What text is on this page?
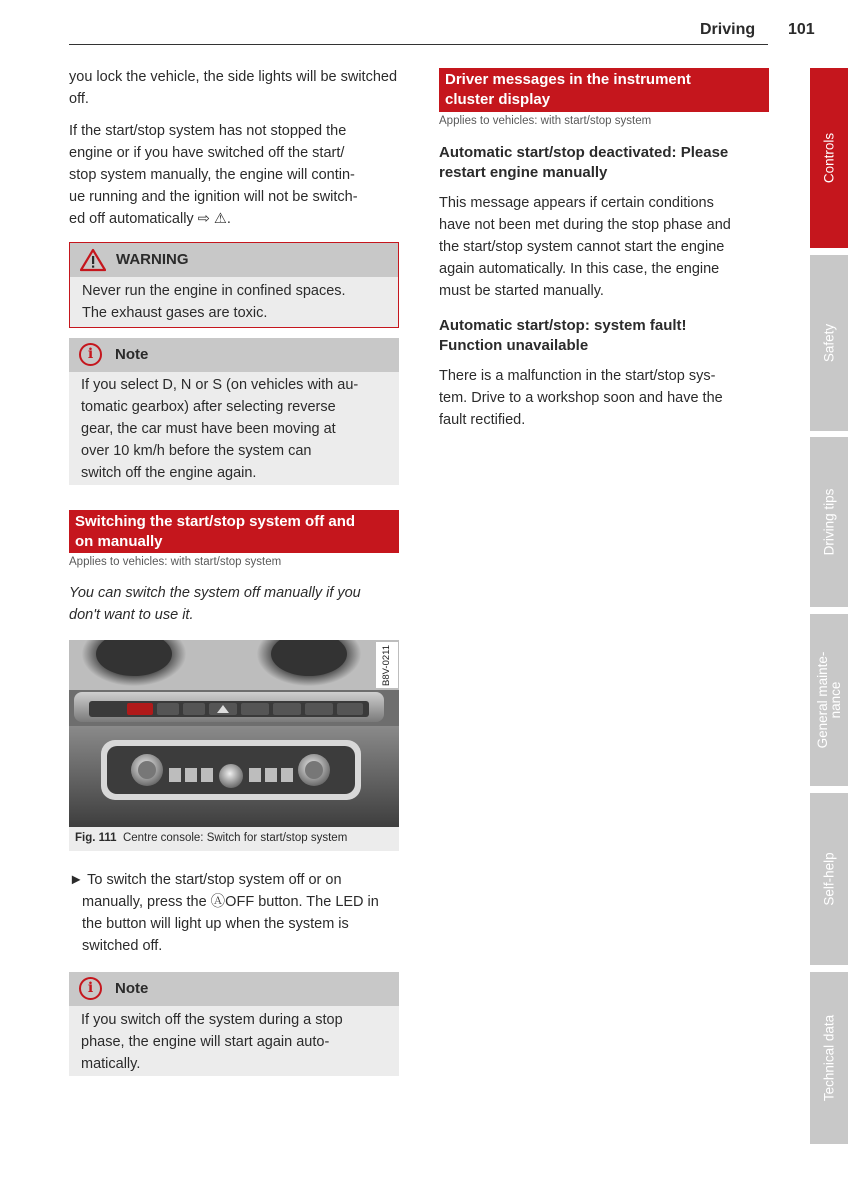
Driving 101

you lock the vehicle, the side lights will be switched off.

If the start/stop system has not stopped the
engine or if you have switched off the start/
stop system manually, the engine will contin-
ue running and the ignition will not be switch-
ed off automatically ⇨ ⚠.
WARNING
Never run the engine in confined spaces.
The exhaust gases are toxic.
i	Note
If you select D, N or S (on vehicles with au-
tomatic gearbox) after selecting reverse
gear, the car must have been moving at
over 10 km/h before the system can
switch off the engine again.
Switching the start/stop system off and
on manually
Applies to vehicles: with start/stop system
You can switch the system off manually if you
don't want to use it.
B8V-0211
Fig. 111 Centre console: Switch for start/stop system
► To switch the start/stop system off or on
manually, press the ⒶOFF button. The LED in
the button will light up when the system is
switched off.
i	Note
If you switch off the system during a stop
phase, the engine will start again auto-
matically.
Driver messages in the instrument
cluster display
Applies to vehicles: with start/stop system
Automatic start/stop deactivated: Please
restart engine manually
This message appears if certain conditions
have not been met during the stop phase and
the start/stop system cannot start the engine
again automatically. In this case, the engine
must be started manually.
Automatic start/stop: system fault!
Function unavailable
There is a malfunction in the start/stop sys-
tem. Drive to a workshop soon and have the
fault rectified.
Controls
Safety
Driving tips
General mainte-
nance
Self-help
Technical data
